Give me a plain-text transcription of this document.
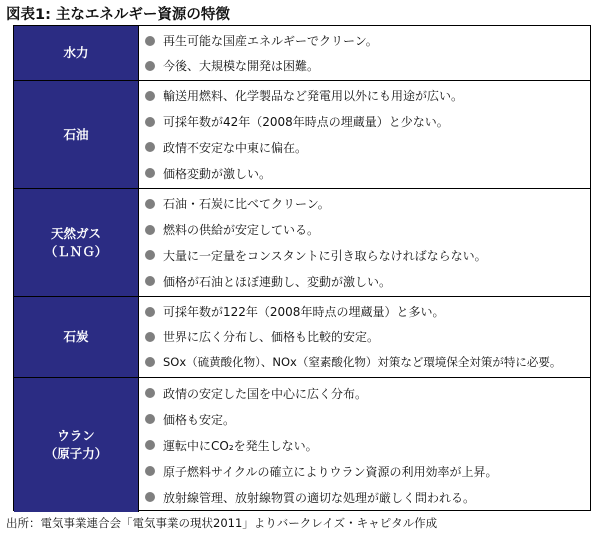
図表1: 主なエネルギー資源の特徴
水力
再生可能な国産エネルギーでクリーン。
今後、大規模な開発は困難。
石油
輸送用燃料、化学製品など発電用以外にも用途が広い。
可採年数が42年（2008年時点の埋蔵量）と少ない。
政情不安定な中東に偏在。
価格変動が激しい。
天然ガス
（ＬＮＧ）
石油・石炭に比べてクリーン。
燃料の供給が安定している。
大量に一定量をコンスタントに引き取らなければならない。
価格が石油とほぼ連動し、変動が激しい。
石炭
可採年数が122年（2008年時点の埋蔵量）と多い。
世界に広く分布し、価格も比較的安定。
SOx（硫黄酸化物）、NOx（窒素酸化物）対策など環境保全対策が特に必要。
ウラン
（原子力）
政情の安定した国を中心に広く分布。
価格も安定。
運転中にCO₂を発生しない。
原子燃料サイクルの確立によりウラン資源の利用効率が上昇。
放射線管理、放射線物質の適切な処理が厳しく問われる。
出所：電気事業連合会「電気事業の現状2011」よりバークレイズ・キャピタル作成
